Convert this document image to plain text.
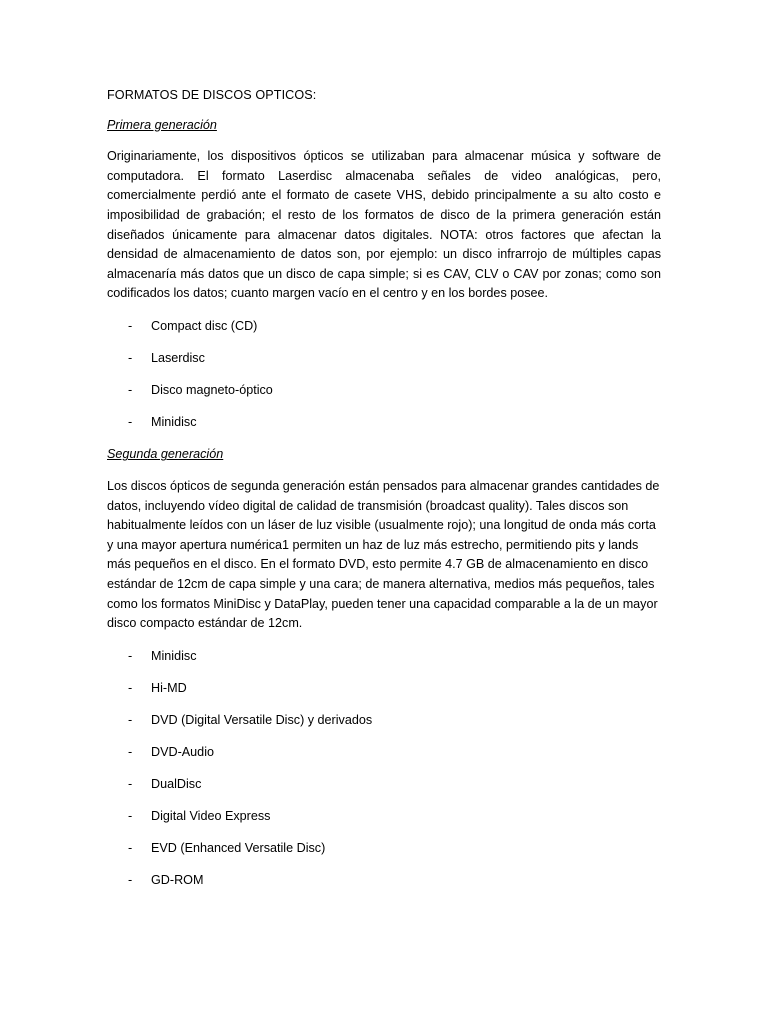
FORMATOS DE DISCOS OPTICOS:
Primera generación

Originariamente, los dispositivos ópticos se utilizaban para almacenar música y software de computadora. El formato Laserdisc almacenaba señales de video analógicas, pero, comercialmente perdió ante el formato de casete VHS, debido principalmente a su alto costo e imposibilidad de grabación; el resto de los formatos de disco de la primera generación están diseñados únicamente para almacenar datos digitales. NOTA: otros factores que afectan la densidad de almacenamiento de datos son, por ejemplo: un disco infrarrojo de múltiples capas almacenaría más datos que un disco de capa simple; si es CAV, CLV o CAV por zonas; como son codificados los datos; cuanto margen vacío en el centro y en los bordes posee.

- Compact disc (CD)
- Laserdisc
- Disco magneto-óptico
- Minidisc
Segunda generación

Los discos ópticos de segunda generación están pensados para almacenar grandes cantidades de datos, incluyendo vídeo digital de calidad de transmisión (broadcast quality). Tales discos son habitualmente leídos con un láser de luz visible (usualmente rojo); una longitud de onda más corta y una mayor apertura numérica1 permiten un haz de luz más estrecho, permitiendo pits y lands más pequeños en el disco. En el formato DVD, esto permite 4.7 GB de almacenamiento en disco estándar de 12cm de capa simple y una cara; de manera alternativa, medios más pequeños, tales como los formatos MiniDisc y DataPlay, pueden tener una capacidad comparable a la de un mayor disco compacto estándar de 12cm.

- Minidisc
- Hi-MD
- DVD (Digital Versatile Disc) y derivados
- DVD-Audio
- DualDisc
- Digital Video Express
- EVD (Enhanced Versatile Disc)
- GD-ROM
